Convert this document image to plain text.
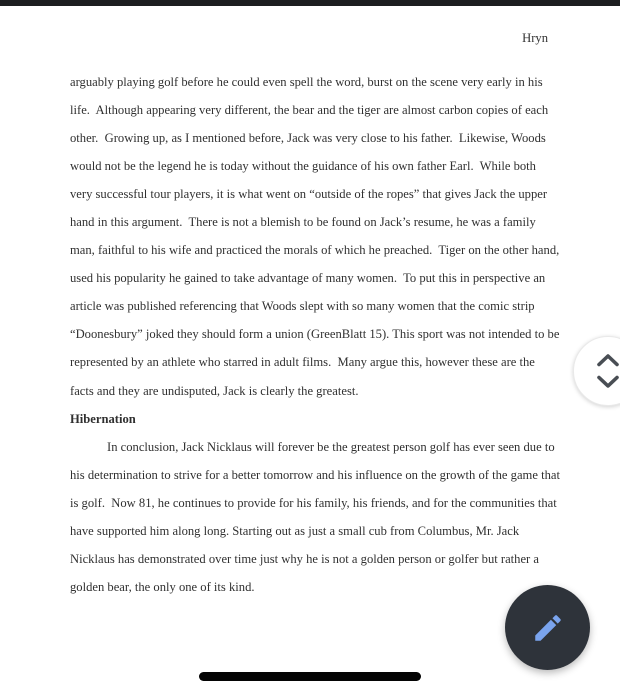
Hryn
arguably playing golf before he could even spell the word, burst on the scene very early in his
life.  Although appearing very different, the bear and the tiger are almost carbon copies of each
other.  Growing up, as I mentioned before, Jack was very close to his father.  Likewise, Woods
would not be the legend he is today without the guidance of his own father Earl.  While both
very successful tour players, it is what went on “outside of the ropes” that gives Jack the upper
hand in this argument.  There is not a blemish to be found on Jack’s resume, he was a family
man, faithful to his wife and practiced the morals of which he preached.  Tiger on the other hand,
used his popularity he gained to take advantage of many women.  To put this in perspective an
article was published referencing that Woods slept with so many women that the comic strip
“Doonesbury” joked they should form a union (GreenBlatt 15). This sport was not intended to be
represented by an athlete who starred in adult films.  Many argue this, however these are the
facts and they are undisputed, Jack is clearly the greatest.
Hibernation
In conclusion, Jack Nicklaus will forever be the greatest person golf has ever seen due to
his determination to strive for a better tomorrow and his influence on the growth of the game that
is golf.  Now 81, he continues to provide for his family, his friends, and for the communities that
have supported him along long. Starting out as just a small cub from Columbus, Mr. Jack
Nicklaus has demonstrated over time just why he is not a golden person or golfer but rather a
golden bear, the only one of its kind.
